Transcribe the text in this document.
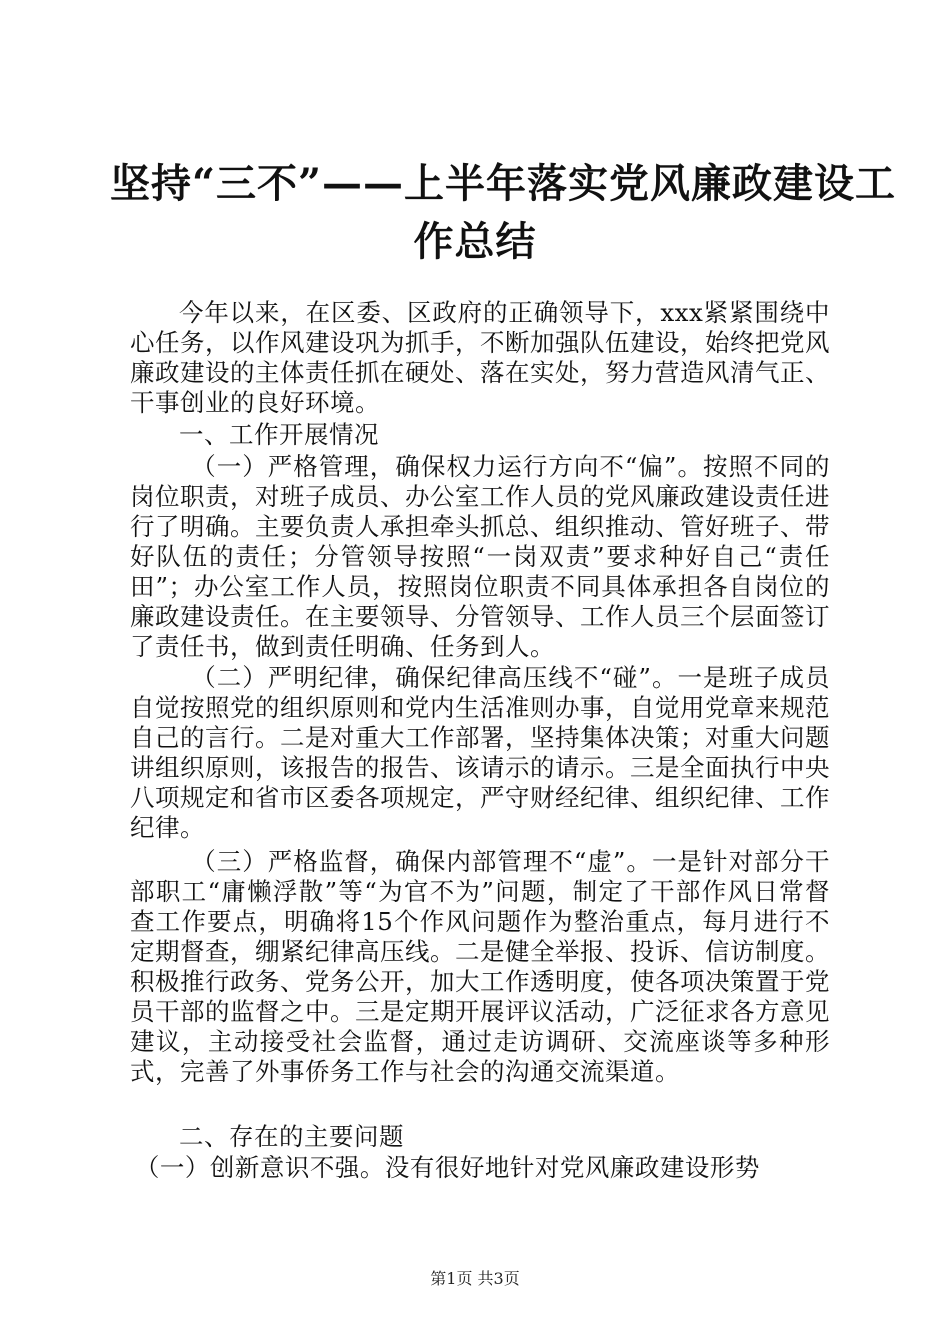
坚持“三不”——上半年落实党风廉政建设工
作总结
今年以来，在区委、区政府的正确领导下，xxx紧紧围绕中心任务，以作风建设巩为抓手，不断加强队伍建设，始终把党风廉政建设的主体责任抓在硬处、落在实处，努力营造风清气正、干事创业的良好环境。
一、工作开展情况
（一）严格管理，确保权力运行方向不“偏”。按照不同的岗位职责，对班子成员、办公室工作人员的党风廉政建设责任进行了明确。主要负责人承担牵头抓总、组织推动、管好班子、带好队伍的责任；分管领导按照“一岗双责”要求种好自己“责任田”；办公室工作人员，按照岗位职责不同具体承担各自岗位的廉政建设责任。在主要领导、分管领导、工作人员三个层面签订了责任书，做到责任明确、任务到人。
（二）严明纪律，确保纪律高压线不“碰”。一是班子成员自觉按照党的组织原则和党内生活准则办事，自觉用党章来规范自己的言行。二是对重大工作部署，坚持集体决策；对重大问题讲组织原则，该报告的报告、该请示的请示。三是全面执行中央八项规定和省市区委各项规定，严守财经纪律、组织纪律、工作纪律。
（三）严格监督，确保内部管理不“虚”。一是针对部分干部职工“庸懒浮散”等“为官不为”问题，制定了干部作风日常督查工作要点，明确将15个作风问题作为整治重点，每月进行不定期督查，绷紧纪律高压线。二是健全举报、投诉、信访制度。积极推行政务、党务公开，加大工作透明度，使各项决策置于党员干部的监督之中。三是定期开展评议活动，广泛征求各方意见建议，主动接受社会监督，通过走访调研、交流座谈等多种形式，完善了外事侨务工作与社会的沟通交流渠道。
二、存在的主要问题
（一）创新意识不强。没有很好地针对党风廉政建设形势
第1页 共3页
